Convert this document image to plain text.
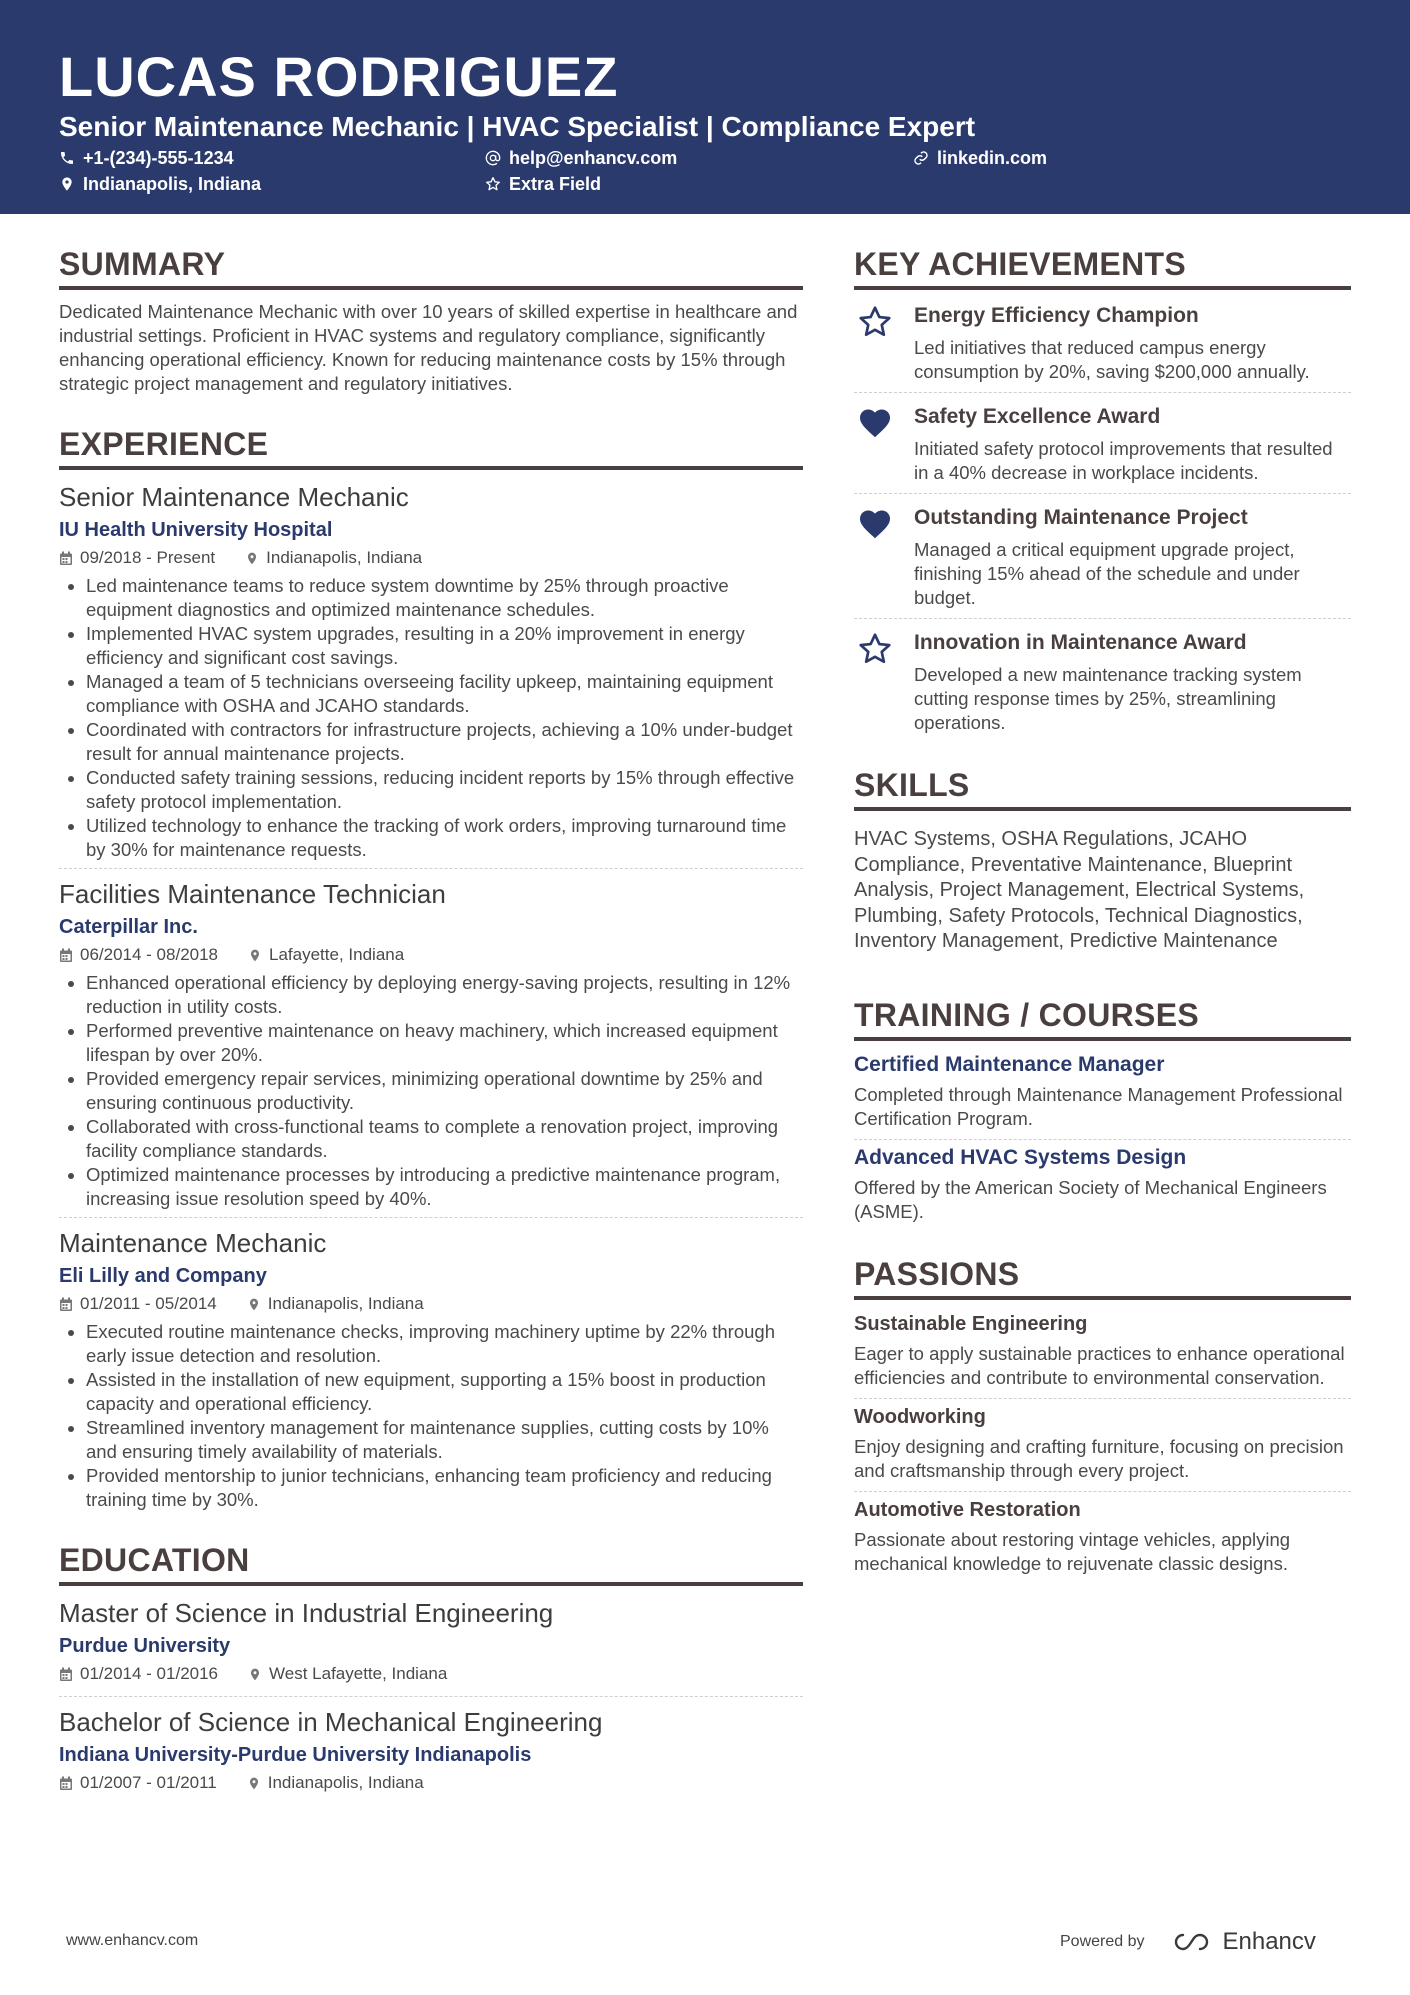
LUCAS RODRIGUEZ
Senior Maintenance Mechanic | HVAC Specialist | Compliance Expert
+1-(234)-555-1234	help@enhancv.com	linkedin.com
Indianapolis, Indiana	Extra Field
SUMMARY
Dedicated Maintenance Mechanic with over 10 years of skilled expertise in healthcare and industrial settings. Proficient in HVAC systems and regulatory compliance, significantly enhancing operational efficiency. Known for reducing maintenance costs by 15% through strategic project management and regulatory initiatives.
EXPERIENCE
Senior Maintenance Mechanic
IU Health University Hospital
09/2018 - Present	Indianapolis, Indiana
• Led maintenance teams to reduce system downtime by 25% through proactive equipment diagnostics and optimized maintenance schedules.
• Implemented HVAC system upgrades, resulting in a 20% improvement in energy efficiency and significant cost savings.
• Managed a team of 5 technicians overseeing facility upkeep, maintaining equipment compliance with OSHA and JCAHO standards.
• Coordinated with contractors for infrastructure projects, achieving a 10% under-budget result for annual maintenance projects.
• Conducted safety training sessions, reducing incident reports by 15% through effective safety protocol implementation.
• Utilized technology to enhance the tracking of work orders, improving turnaround time by 30% for maintenance requests.
Facilities Maintenance Technician
Caterpillar Inc.
06/2014 - 08/2018	Lafayette, Indiana
• Enhanced operational efficiency by deploying energy-saving projects, resulting in 12% reduction in utility costs.
• Performed preventive maintenance on heavy machinery, which increased equipment lifespan by over 20%.
• Provided emergency repair services, minimizing operational downtime by 25% and ensuring continuous productivity.
• Collaborated with cross-functional teams to complete a renovation project, improving facility compliance standards.
• Optimized maintenance processes by introducing a predictive maintenance program, increasing issue resolution speed by 40%.
Maintenance Mechanic
Eli Lilly and Company
01/2011 - 05/2014	Indianapolis, Indiana
• Executed routine maintenance checks, improving machinery uptime by 22% through early issue detection and resolution.
• Assisted in the installation of new equipment, supporting a 15% boost in production capacity and operational efficiency.
• Streamlined inventory management for maintenance supplies, cutting costs by 10% and ensuring timely availability of materials.
• Provided mentorship to junior technicians, enhancing team proficiency and reducing training time by 30%.
EDUCATION
Master of Science in Industrial Engineering
Purdue University
01/2014 - 01/2016	West Lafayette, Indiana
Bachelor of Science in Mechanical Engineering
Indiana University-Purdue University Indianapolis
01/2007 - 01/2011	Indianapolis, Indiana
KEY ACHIEVEMENTS
Energy Efficiency Champion
Led initiatives that reduced campus energy consumption by 20%, saving $200,000 annually.
Safety Excellence Award
Initiated safety protocol improvements that resulted in a 40% decrease in workplace incidents.
Outstanding Maintenance Project
Managed a critical equipment upgrade project, finishing 15% ahead of the schedule and under budget.
Innovation in Maintenance Award
Developed a new maintenance tracking system cutting response times by 25%, streamlining operations.
SKILLS
HVAC Systems, OSHA Regulations, JCAHO Compliance, Preventative Maintenance, Blueprint Analysis, Project Management, Electrical Systems, Plumbing, Safety Protocols, Technical Diagnostics, Inventory Management, Predictive Maintenance
TRAINING / COURSES
Certified Maintenance Manager
Completed through Maintenance Management Professional Certification Program.
Advanced HVAC Systems Design
Offered by the American Society of Mechanical Engineers (ASME).
PASSIONS
Sustainable Engineering
Eager to apply sustainable practices to enhance operational efficiencies and contribute to environmental conservation.
Woodworking
Enjoy designing and crafting furniture, focusing on precision and craftsmanship through every project.
Automotive Restoration
Passionate about restoring vintage vehicles, applying mechanical knowledge to rejuvenate classic designs.
www.enhancv.com	Powered by	Enhancv
